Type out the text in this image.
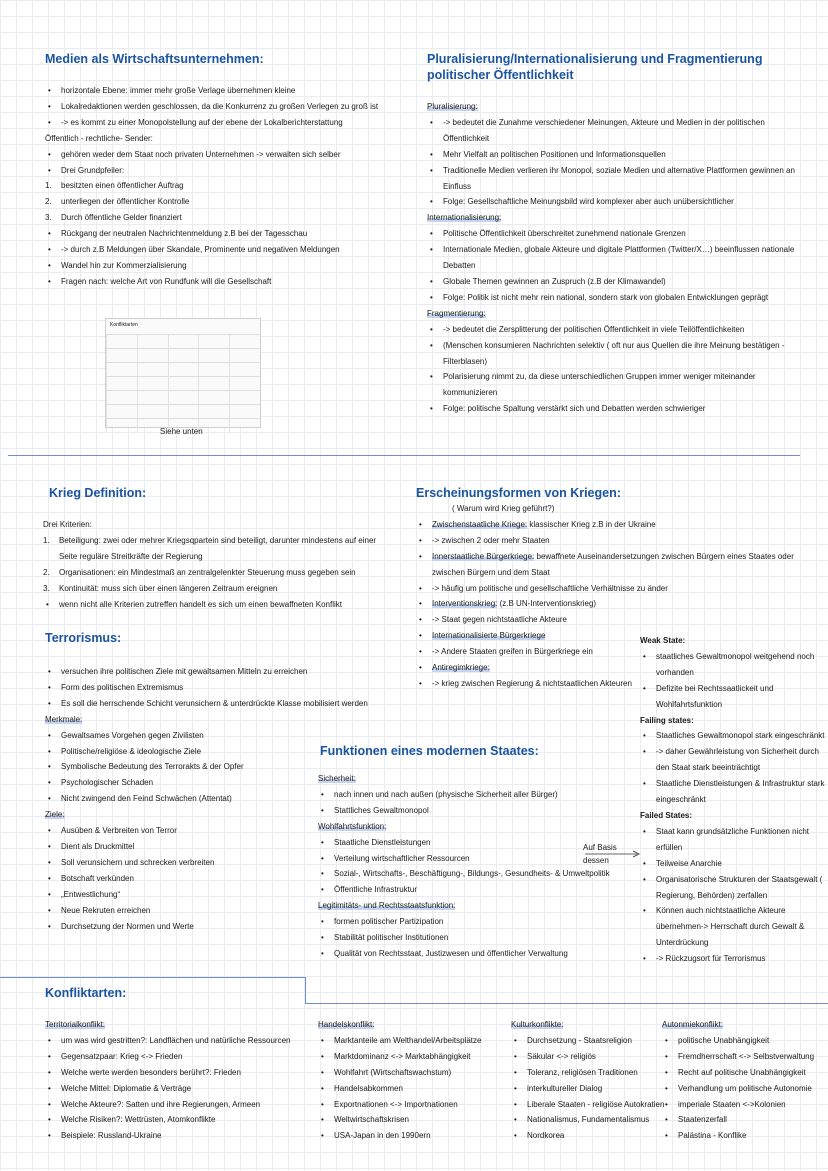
Medien als Wirtschaftsunternehmen:
• horizontale Ebene: immer mehr große Verlage übernehmen kleine
• Lokalredaktionen werden geschlossen, da die Konkurrenz zu großen Verlegen zu groß ist
• -> es kommt zu einer Monopolstellung auf der ebene der Lokalberichterstattung
Öffentlich - rechtliche- Sender:
• gehören weder dem Staat noch privaten Unternehmen -> verwalten sich selber
• Drei Grundpfeiler:
1. besitzten einen öffentlicher Auftrag
2. unterliegen der öffentlicher Kontrolle
3. Durch öffentliche Gelder finanziert
• Rückgang der neutralen Nachrichtenmeldung z.B bei der Tagesschau
• -> durch z.B Meldungen über Skandale, Prominente und negativen Meldungen
• Wandel hin zur Kommerzialisierung
• Fragen nach: welche Art von Rundfunk will die Gesellschaft
Konfliktarten
Siehe unten
Pluralisierung/Internationalisierung und Fragmentierung politischer Öffentlichkeit
Pluralisierung:
• -> bedeutet die Zunahme verschiedener Meinungen, Akteure und Medien in der politischen Öffentlichkeit
• Mehr Vielfalt an politischen Positionen und Informationsquellen
• Traditionelle Medien verlieren ihr Monopol, soziale Medien und alternative Plattformen gewinnen an Einfluss
• Folge: Gesellschaftliche Meinungsbild wird komplexer aber auch unübersichtlicher
Internationalisierung:
• Politische Öffentlichkeit überschreitet zunehmend nationale Grenzen
• Internationale Medien, globale Akteure und digitale Plattformen (Twitter/X…) beeinflussen nationale Debatten
• Globale Themen gewinnen an Zuspruch (z.B der Klimawandel)
• Folge: Politik ist nicht mehr rein national, sondern stark von globalen Entwicklungen geprägt
Fragmentierung:
• -> bedeutet die Zersplitterung der politischen Öffentlichkeit in viele Teilöffentlichkeiten
• (Menschen konsumieren Nachrichten selektiv ( oft nur aus Quellen die ihre Meinung bestätigen -Filterblasen)
• Polarisierung nimmt zu, da diese unterschiedlichen Gruppen immer weniger miteinander kommunizieren
• Folge: politische Spaltung verstärkt sich und Debatten werden schwieriger
Krieg Definition:
Drei Kriterien:
1. Beteiligung: zwei oder mehrer Kriegsqpartein sind beteiligt, darunter mindestens auf einer Seite reguläre Streitkräfte der Regierung
2. Organisationen: ein Mindestmaß an zentralgelenkter Steuerung muss gegeben sein
3. Kontinuität: muss sich über einen längeren Zeitraum ereignen
• wenn nicht alle Kriterien zutreffen handelt es sich um einen bewaffneten Konflikt
Erscheinungsformen von Kriegen:
( Warum wird Krieg geführt?)
• Zwischenstaatliche Kriege: klassischer Krieg z.B in der Ukraine
• -> zwischen 2 oder mehr Staaten
• Innerstaatliche Bürgerkriege: bewaffnete Auseinandersetzungen zwischen Bürgern eines Staates oder zwischen Bürgern und dem Staat
• -> häufig um politische und gesellschaftliche Verhältnisse zu änder
• Interventionskrieg: (z.B UN-Interventionskrieg)
• -> Staat gegen nichtstaatliche Akteure
• Internationalisierte Bürgerkriege
• -> Andere Staaten greifen in Bürgerkriege ein
• Antiregimkriege:
• -> krieg zwischen Regierung & nichtstaatlichen Akteuren
Weak State:
• staatliches Gewaltmonopol weitgehend noch vorhanden
• Defizite bei Rechtssaatlickeit und Wohlfahrtsfunktion
Failing states:
• Staatliches Gewaltmonopol stark eingeschränkt
• -> daher Gewährleistung von Sicherheit durch den Staat stark beeinträchtigt
• Staatliche Dienstleistungen & Infrastruktur stark eingeschränkt
Failed States:
• Staat kann grundsätzliche Funktionen nicht erfüllen
• Teilweise Anarchie
• Organisatorische Strukturen der Staatsgewalt ( Regierung, Behörden) zerfallen
• Können auch nichtstaatliche Akteure übernehmen-> Herrschaft durch Gewalt & Unterdrückung
• -> Rückzugsort für Terrorismus
Terrorismus:
• versuchen ihre politischen Ziele mit gewaltsamen Mitteln zu erreichen
• Form des politischen Extremismus
• Es soll die herrschende Schicht verunsichern & unterdrückte Klasse mobilisiert werden
Merkmale:
• Gewaltsames Vorgehen gegen Zivilisten
• Politische/religiöse & ideologische Ziele
• Symbolische Bedeutung des Terrorakts & der Opfer
• Psychologischer Schaden
• Nicht zwingend den Feind Schwächen (Attentat)
Ziele:
• Ausüben & Verbreiten von Terror
• Dient als Druckmittel
• Soll verunsichern und schrecken verbreiten
• Botschaft verkünden
• „Entwestlichung“
• Neue Rekruten erreichen
• Durchsetzung der Normen und Werte
Funktionen eines modernen Staates:
Sicherheit:
• nach innen und nach außen (physische Sicherheit aller Bürger)
• Stattliches Gewaltmonopol
Wohlfahrtsfunktion:
• Staatliche Dienstleistungen
• Verteilung wirtschaftlicher Ressourcen
• Sozial-, Wirtschafts-, Beschäftigung-, Bildungs-, Gesundheits- & Umweltpolitik
• Öffentliche Infrastruktur
Legitimitäts- und Rechtsstaatsfunktion:
• formen politischer Partizipation
• Stabilität politischer Institutionen
• Qualität von Rechtsstaat, Justizwesen und öffentlicher Verwaltung
Auf Basis
dessen
Konfliktarten:
Territorialkonflikt:
• um was wird gestritten?: Landflächen und natürliche Ressourcen
• Gegensatzpaar: Krieg <-> Frieden
• Welche werte werden besonders berührt?: Frieden
• Welche Mittel: Diplomatie & Verträge
• Welche Akteure?: Satten und ihre Regierungen, Armeen
• Welche Risiken?: Wettrüsten, Atomkonflikte
• Beispiele: Russland-Ukraine
Handelskonflikt:
• Marktanteile am Welthandel/Arbeitsplätze
• Marktdominanz <-> Marktabhängigkeit
• Wohlfahrt (Wirtschaftswachstum)
• Handelsabkommen
• Exportnationen <-> Importnationen
• Weltwirtschaftskrisen
• USA-Japan in den 1990ern
Kulturkonflikte:
• Durchsetzung - Staatsreligion
• Säkular <-> religiös
• Toleranz, religiösen Traditionen
• interkultureller Dialog
• Liberale Staaten - religiöse Autokratien
• Nationalismus, Fundamentalismus
• Nordkorea
Autonmiekonflikt:
• politische Unabhängigkeit
• Fremdherrschaft <-> Selbstverwaltung
• Recht auf politische Unabhängigkeit
• Verhandlung um politische Autonomie
• imperiale Staaten <->Kolonien
• Staatenzerfall
• Palästina - Konflike
